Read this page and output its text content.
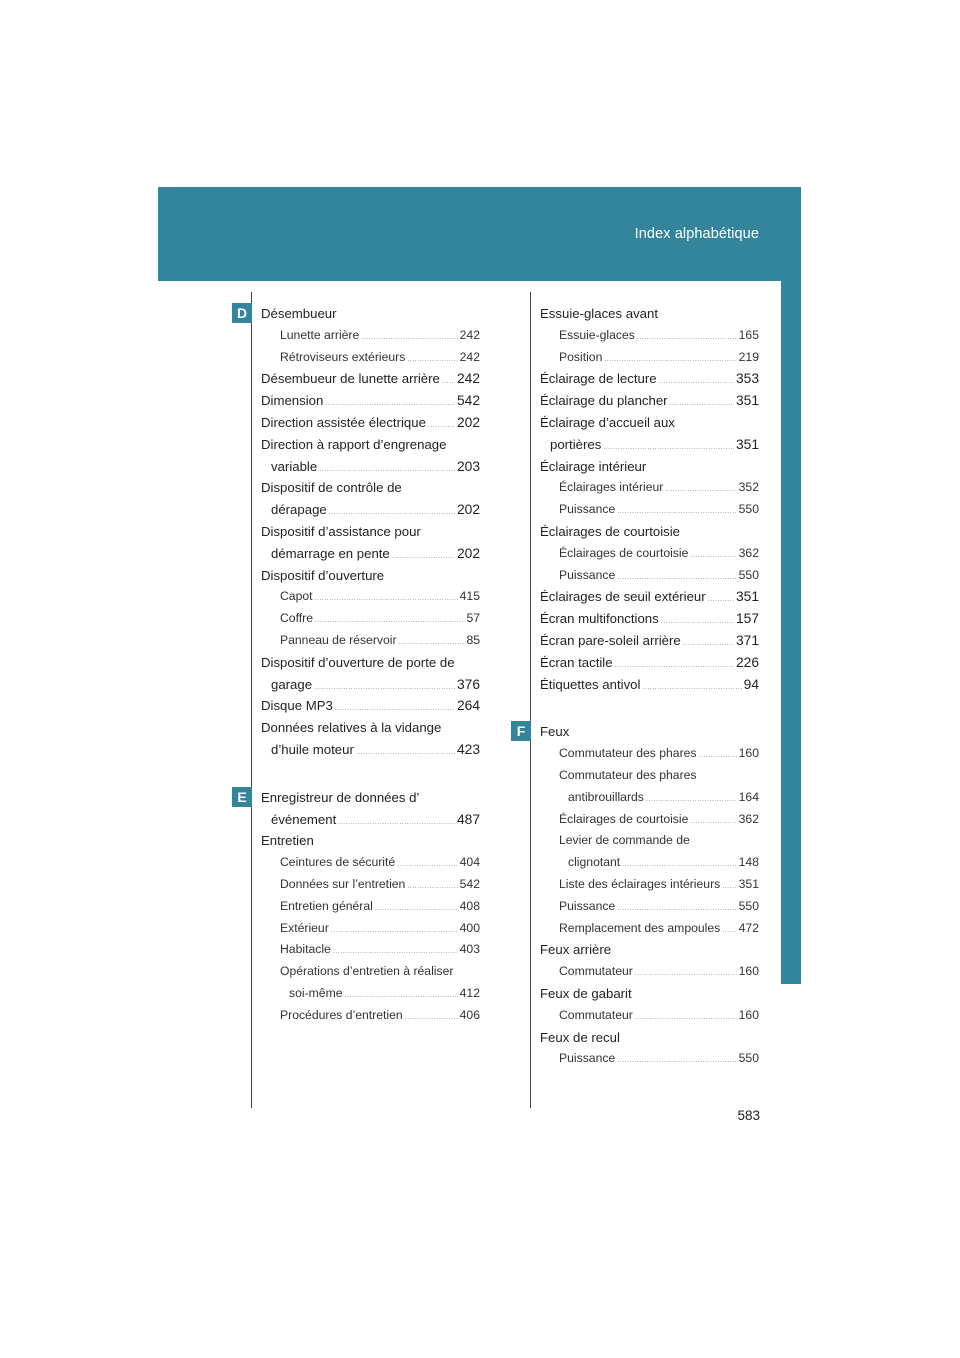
Index alphabétique
D
E
F
Désembueur
Lunette arrière .....	242
Rétroviseurs extérieurs .....	242
Désembueur de lunette arrière ..... 242
Dimension .....	542
Direction assistée électrique ..... 202
Direction à rapport d’engrenage
variable .....	203
Dispositif de contrôle de
dérapage .....	202
Dispositif d’assistance pour
démarrage en pente .....	202
Dispositif d’ouverture
Capot .....	415
Coffre .....	57
Panneau de réservoir .....	85
Dispositif d’ouverture de porte de
garage .....	376
Disque MP3 .....	264
Données relatives à la vidange
d’huile moteur .....	423
Enregistreur de données d’
événement .....	487
Entretien
Ceintures de sécurité .....	404
Données sur l’entretien .....	542
Entretien général .....	408
Extérieur .....	400
Habitacle .....	403
Opérations d’entretien à réaliser
soi-même .....	412
Procédures d’entretien .....	406
Essuie-glaces avant
Essuie-glaces .....	165
Position .....	219
Éclairage de lecture .....	353
Éclairage du plancher .....	351
Éclairage d’accueil aux
portières .....	351
Éclairage intérieur
Éclairages intérieur .....	352
Puissance .....	550
Éclairages de courtoisie
Éclairages de courtoisie .....	362
Puissance .....	550
Éclairages de seuil extérieur ..... 351
Écran multifonctions .....	157
Écran pare-soleil arrière .....	371
Écran tactile .....	226
Étiquettes antivol .....	94
Feux
Commutateur des phares .....	160
Commutateur des phares
antibrouillards .....	164
Éclairages de courtoisie .....	362
Levier de commande de
clignotant .....	148
Liste des éclairages intérieurs ..... 351
Puissance .....	550
Remplacement des ampoules ..... 472
Feux arrière
Commutateur .....	160
Feux de gabarit
Commutateur .....	160
Feux de recul
Puissance .....	550
583
